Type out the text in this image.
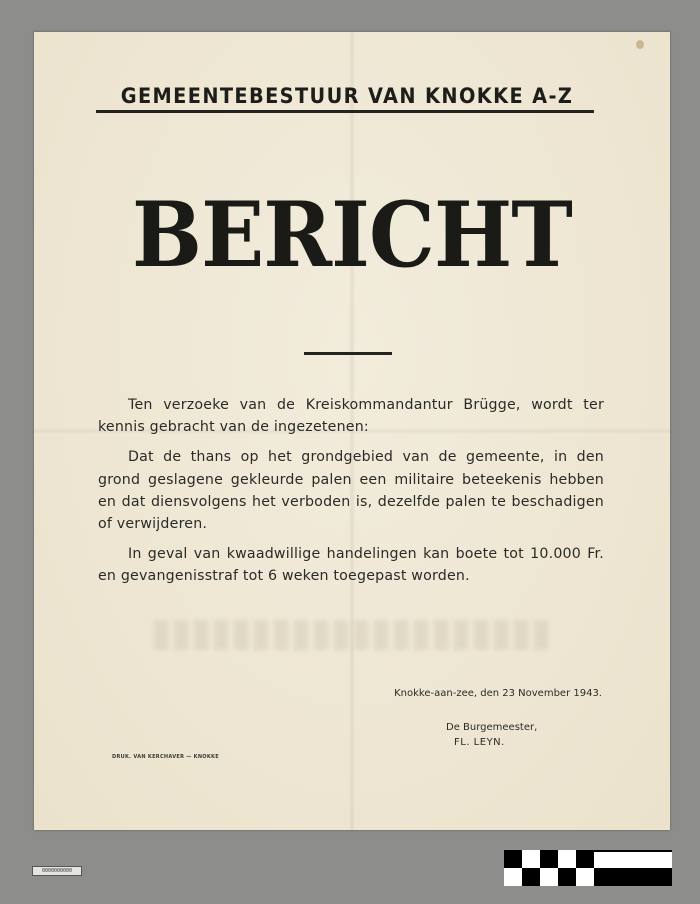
GEMEENTEBESTUUR VAN KNOKKE A-Z
BERICHT

Ten verzoeke van de Kreiskommandantur Brügge, wordt ter kennis gebracht van de ingezetenen:

Dat de thans op het grondgebied van de gemeente, in den grond geslagene gekleurde palen een militaire beteekenis hebben en dat diensvolgens het verboden is, dezelfde palen te beschadigen of verwijderen.

In geval van kwaadwillige handelingen kan boete tot 10.000 Fr. en gevangenisstraf tot 6 weken toegepast worden.

Knokke-aan-zee, den 23 November 1943.
De Burgemeester,
FL. LEYN.
DRUK. VAN KERCHAVER — KNOKKE
0000000000
